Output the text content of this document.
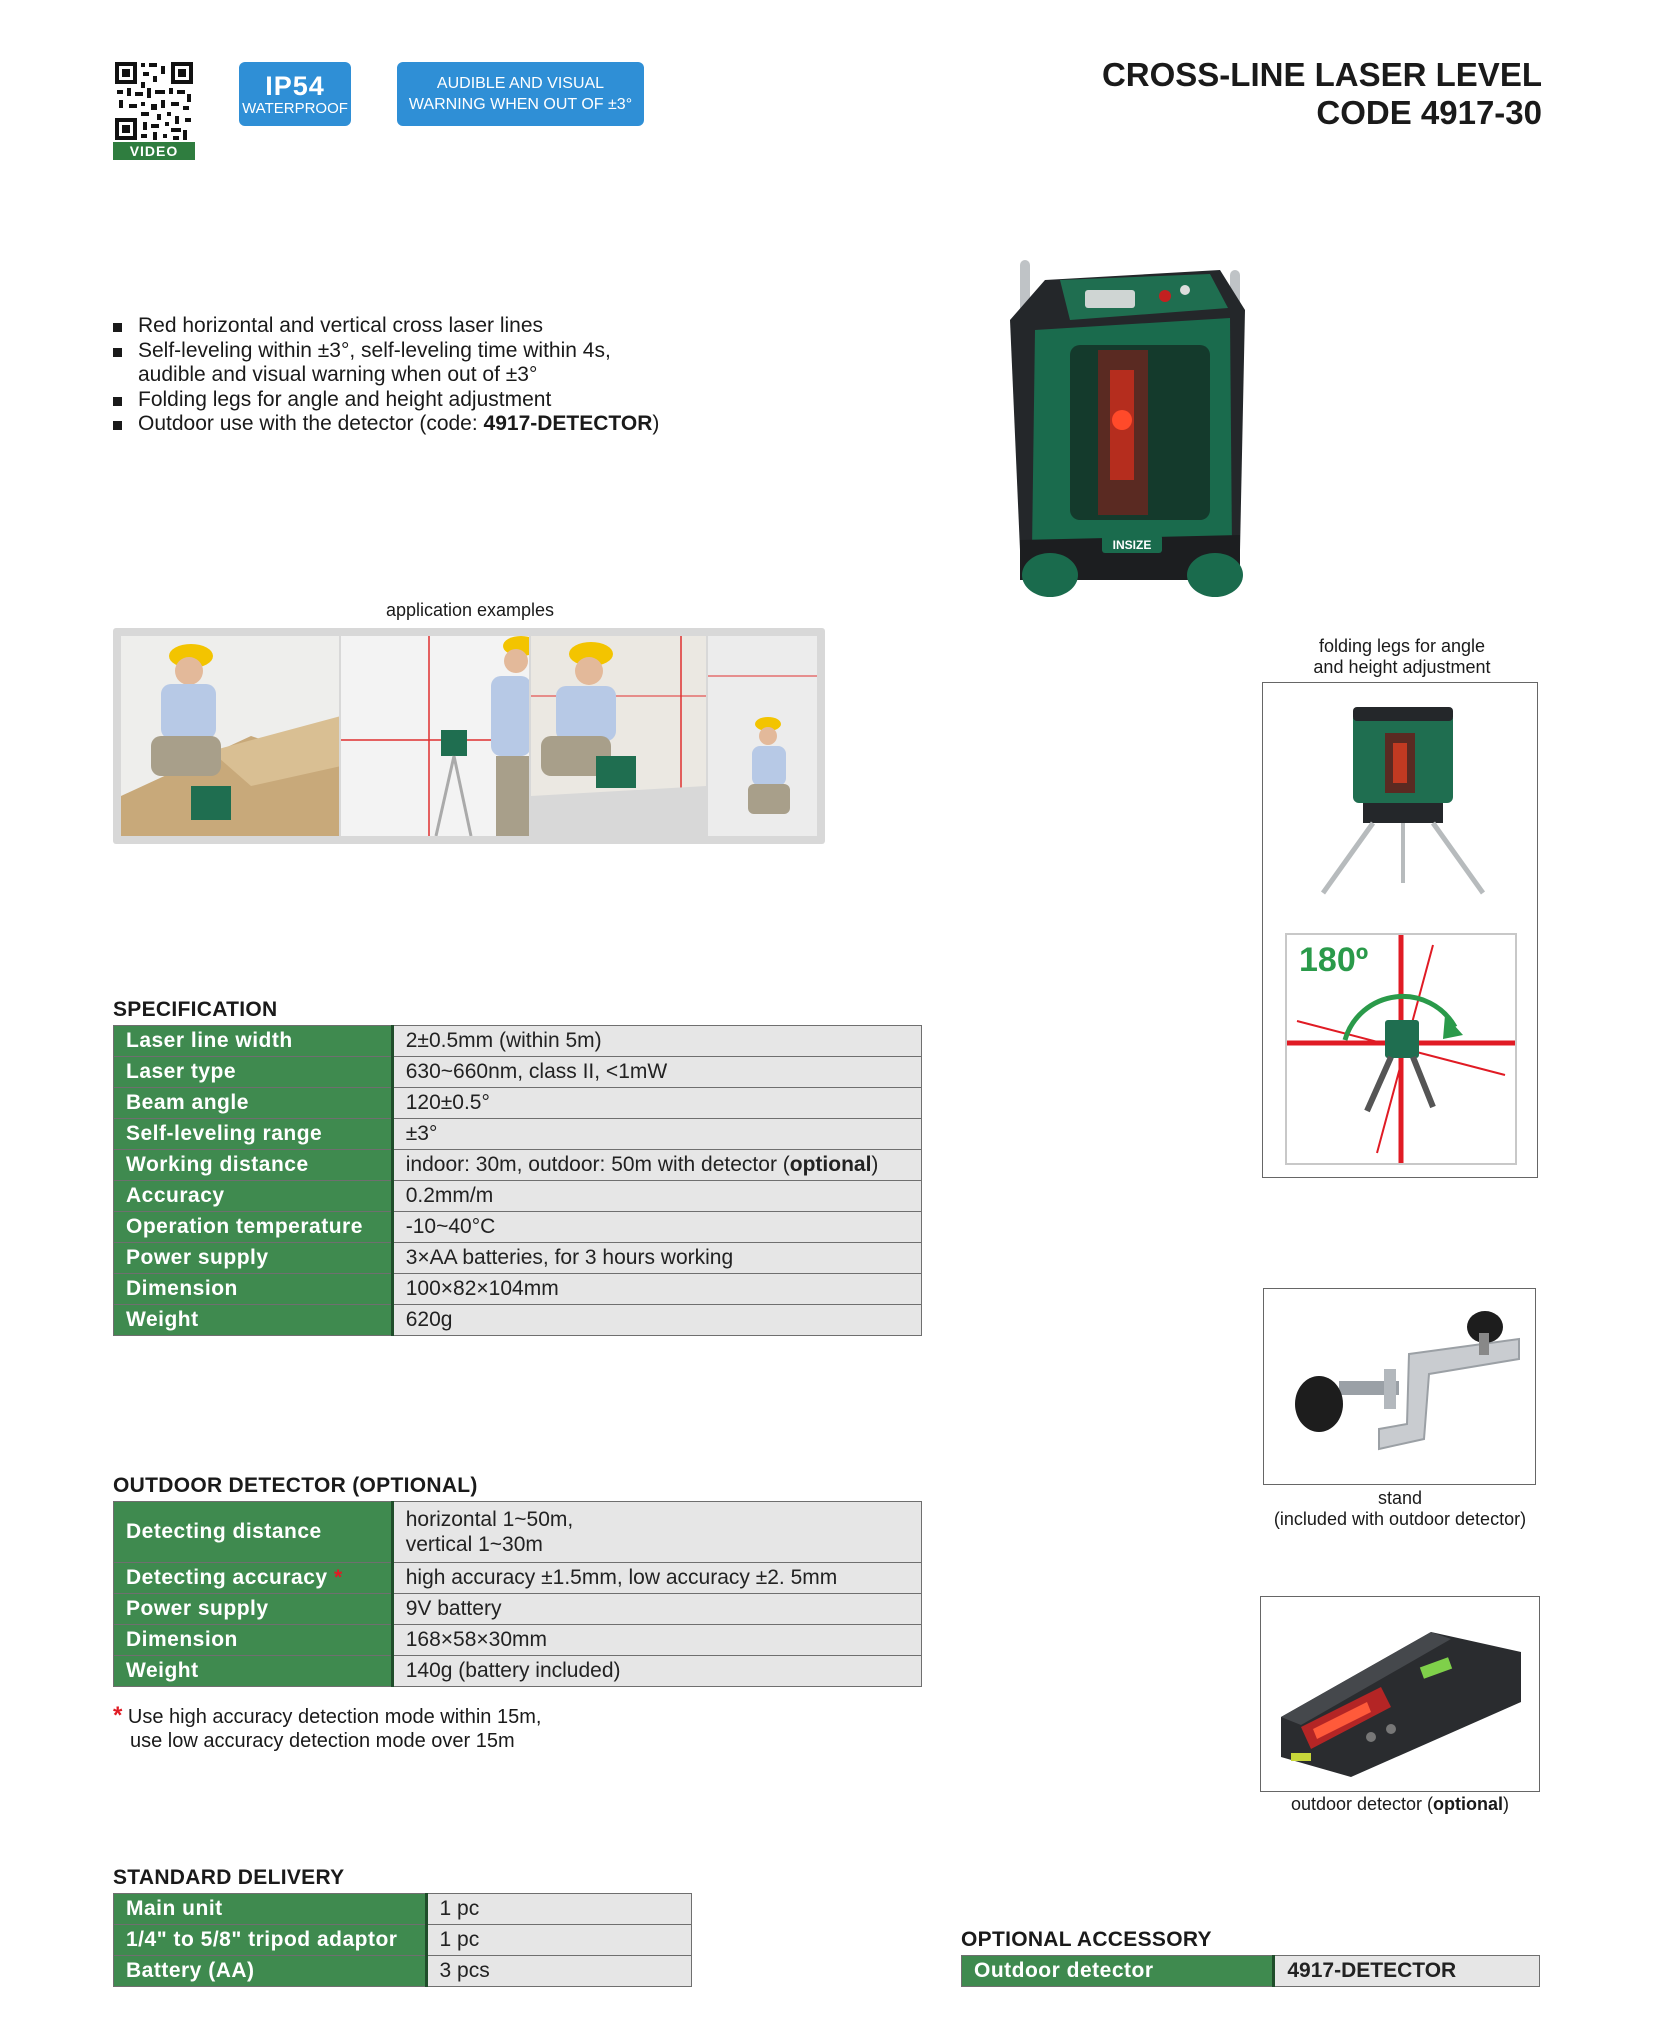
VIDEO
IP54
WATERPROOF
AUDIBLE AND VISUAL
WARNING WHEN OUT OF ±3°
CROSS-LINE LASER LEVEL
CODE 4917-30
Red horizontal and vertical cross laser lines
Self-leveling within ±3°, self-leveling time within 4s,
audible and visual warning when out of ±3°
Folding legs for angle and height adjustment
Outdoor use with the detector (code: 4917-DETECTOR)
INSIZE
application examples
folding legs for angle
and height adjustment
180º
stand
(included with outdoor detector)
outdoor detector (optional)
SPECIFICATION
Laser line width	2±0.5mm (within 5m)
Laser type	630~660nm, class II, <1mW
Beam angle	120±0.5°
Self-leveling range	±3°
Working distance	indoor: 30m, outdoor: 50m with detector (optional)
Accuracy	0.2mm/m
Operation temperature	-10~40°C
Power supply	3×AA batteries, for 3 hours working
Dimension	100×82×104mm
Weight	620g
OUTDOOR DETECTOR (OPTIONAL)
Detecting distance	horizontal 1~50m,
vertical 1~30m

Detecting accuracy *	high accuracy ±1.5mm, low accuracy ±2. 5mm
Power supply	9V battery
Dimension	168×58×30mm
Weight	140g (battery included)
* Use high accuracy detection mode within 15m,
use low accuracy detection mode over 15m
STANDARD DELIVERY
Main unit	1 pc
1/4" to 5/8" tripod adaptor	1 pc
Battery (AA)	3 pcs
OPTIONAL ACCESSORY
Outdoor detector	4917-DETECTOR
